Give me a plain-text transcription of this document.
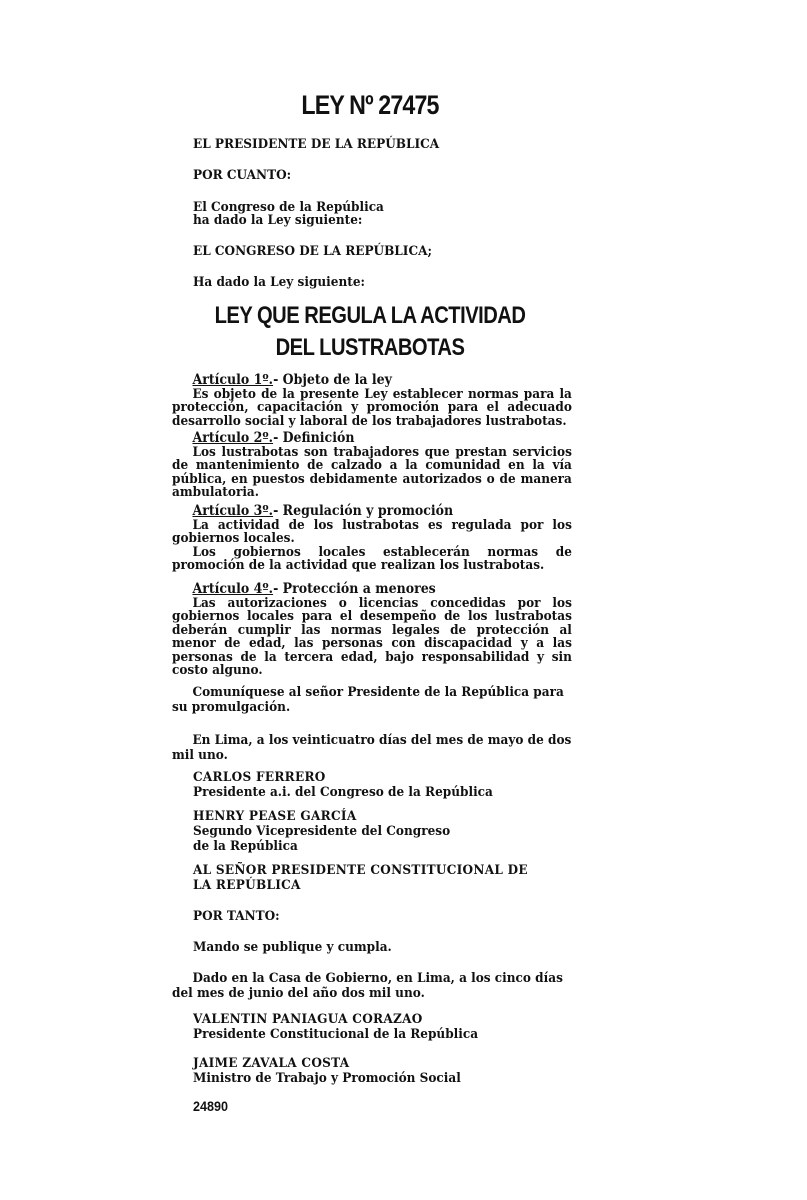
LEY Nº 27475
EL PRESIDENTE DE LA REPÚBLICA
POR CUANTO:
El Congreso de la República
ha dado la Ley siguiente:
EL CONGRESO DE LA REPÚBLICA;
Ha dado la Ley siguiente:
LEY QUE REGULA LA ACTIVIDAD
DEL LUSTRABOTAS
Artículo 1º.- Objeto de la ley
Es objeto de la presente Ley establecer normas para la protección, capacitación y promoción para el adecuado desarrollo social y laboral de los trabajadores lustrabotas.
Artículo 2º.- Definición
Los lustrabotas son trabajadores que prestan servicios de mantenimiento de calzado a la comunidad en la vía pública, en puestos debidamente autorizados o de manera ambulatoria.
Artículo 3º.- Regulación y promoción
La actividad de los lustrabotas es regulada por los gobiernos locales.
Los gobiernos locales establecerán normas de promoción de la actividad que realizan los lustrabotas.
Artículo 4º.- Protección a menores
Las autorizaciones o licencias concedidas por los gobiernos locales para el desempeño de los lustrabotas deberán cumplir las normas legales de protección al menor de edad, las personas con discapacidad y a las personas de la tercera edad, bajo responsabilidad y sin costo alguno.
Comuníquese al señor Presidente de la República para
su promulgación.
En Lima, a los veinticuatro días del mes de mayo de dos
mil uno.
CARLOS FERRERO
Presidente a.i. del Congreso de la República
HENRY PEASE GARCÍA
Segundo Vicepresidente del Congreso
de la República
AL SEÑOR PRESIDENTE CONSTITUCIONAL DE
LA REPÚBLICA
POR TANTO:
Mando se publique y cumpla.
Dado en la Casa de Gobierno, en Lima, a los cinco días
del mes de junio del año dos mil uno.
VALENTIN PANIAGUA CORAZAO
Presidente Constitucional de la República
JAIME ZAVALA COSTA
Ministro de Trabajo y Promoción Social
24890
